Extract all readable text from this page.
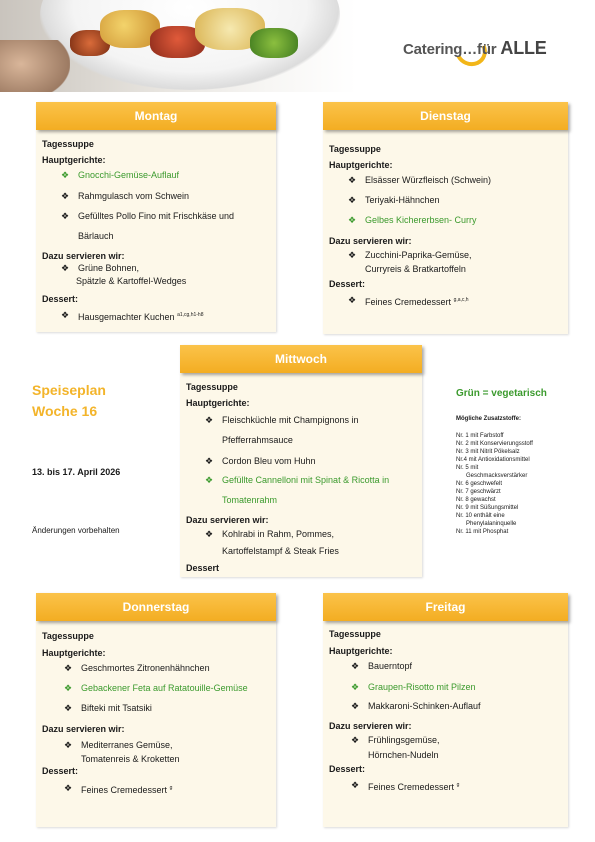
Catering…für ALLE
Montag
Tagessuppe
Hauptgerichte:
❖ Gnocchi-Gemüse-Auflauf
❖ Rahmgulasch vom Schwein
❖ Gefülltes Pollo Fino mit Frischkäse und
Bärlauch
Dazu servieren wir:
❖ Grüne Bohnen,
Spätzle & Kartoffel-Wedges
Dessert:
❖ Hausgemachter Kuchen $^{a1,cg,h1-h8}$
Dienstag
Tagessuppe
Hauptgerichte:
❖ Elsässer Würzfleisch (Schwein)
❖ Teriyaki-Hähnchen
❖ Gelbes Kichererbsen- Curry
Dazu servieren wir:
❖ Zucchini-Paprika-Gemüse,
Curryreis & Bratkartoffeln
Dessert:
❖ Feines Cremedessert $^{g,a,c,h}$
Mittwoch
Tagessuppe
Hauptgerichte:
❖ Fleischküchle mit Champignons in
Pfefferrahmsauce
❖ Cordon Bleu vom Huhn
❖ Gefüllte Cannelloni mit Spinat & Ricotta in
Tomatenrahm
Dazu servieren wir:
❖ Kohlrabi in Rahm, Pommes,
Kartoffelstampf & Steak Fries
Dessert
Speiseplan
Woche 16
13. bis 17. April 2026
Änderungen vorbehalten
Grün = vegetarisch
Mögliche Zusatzstoffe:
Nr. 1 mit Farbstoff
Nr. 2 mit Konservierungsstoff
Nr. 3 mit Nitrit Pökelsalz
Nr.4 mit Antioxidationsmittel
Nr. 5 mit
Geschmacksverstärker
Nr. 6 geschwefelt
Nr. 7 geschwärzt
Nr. 8 gewachst
Nr. 9 mit Süßungsmittel
Nr. 10 enthält eine
Phenylalaninquelle
Nr. 11 mit Phosphat
Donnerstag
Tagessuppe
Hauptgerichte:
❖ Geschmortes Zitronenhähnchen
❖ Gebackener Feta auf Ratatouille-Gemüse
❖ Bifteki mit Tsatsiki
Dazu servieren wir:
❖ Mediterranes Gemüse,
Tomatenreis & Kroketten
Dessert:
❖ Feines Cremedessert $^g$
Freitag
Tagessuppe
Hauptgerichte:
❖ Bauerntopf
❖ Graupen-Risotto mit Pilzen
❖ Makkaroni-Schinken-Auflauf
Dazu servieren wir:
❖ Frühlingsgemüse,
Hörnchen-Nudeln
Dessert:
❖ Feines Cremedessert $^g$
